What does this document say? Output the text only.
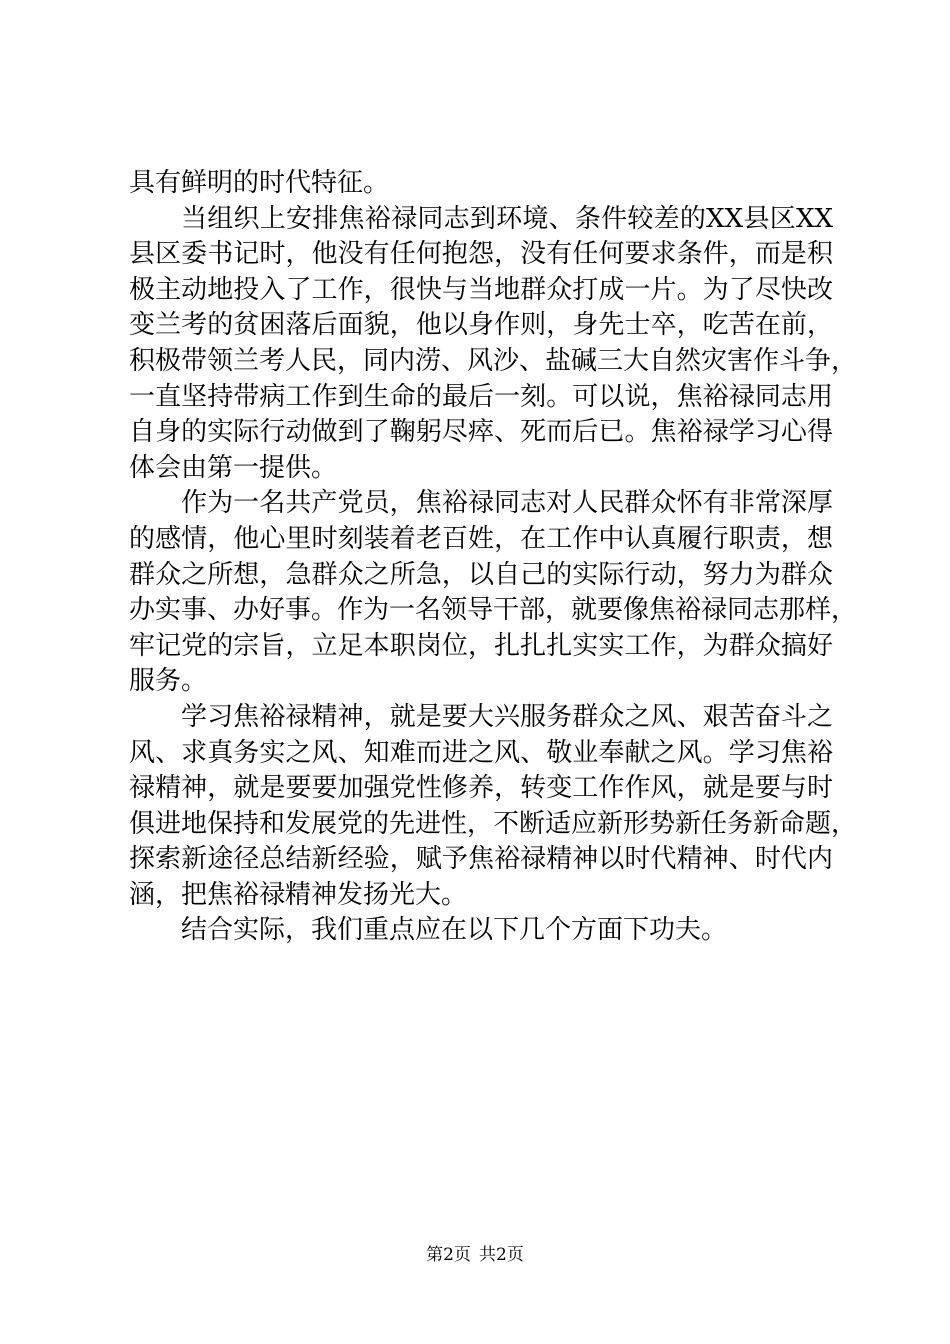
具有鲜明的时代特征。
当组织上安排焦裕禄同志到环境、条件较差的XX县区XX
县区委书记时，他没有任何抱怨，没有任何要求条件，而是积
极主动地投入了工作，很快与当地群众打成一片。为了尽快改
变兰考的贫困落后面貌，他以身作则，身先士卒，吃苦在前，
积极带领兰考人民，同内涝、风沙、盐碱三大自然灾害作斗争，
一直坚持带病工作到生命的最后一刻。可以说，焦裕禄同志用
自身的实际行动做到了鞠躬尽瘁、死而后已。焦裕禄学习心得
体会由第一提供。
作为一名共产党员，焦裕禄同志对人民群众怀有非常深厚
的感情，他心里时刻装着老百姓，在工作中认真履行职责，想
群众之所想，急群众之所急，以自己的实际行动，努力为群众
办实事、办好事。作为一名领导干部，就要像焦裕禄同志那样，
牢记党的宗旨，立足本职岗位，扎扎扎实实工作，为群众搞好
服务。
学习焦裕禄精神，就是要大兴服务群众之风、艰苦奋斗之
风、求真务实之风、知难而进之风、敬业奉献之风。学习焦裕
禄精神，就是要要加强党性修养，转变工作作风，就是要与时
俱进地保持和发展党的先进性，不断适应新形势新任务新命题，
探索新途径总结新经验，赋予焦裕禄精神以时代精神、时代内
涵，把焦裕禄精神发扬光大。
结合实际，我们重点应在以下几个方面下功夫。
第2页 共2页
